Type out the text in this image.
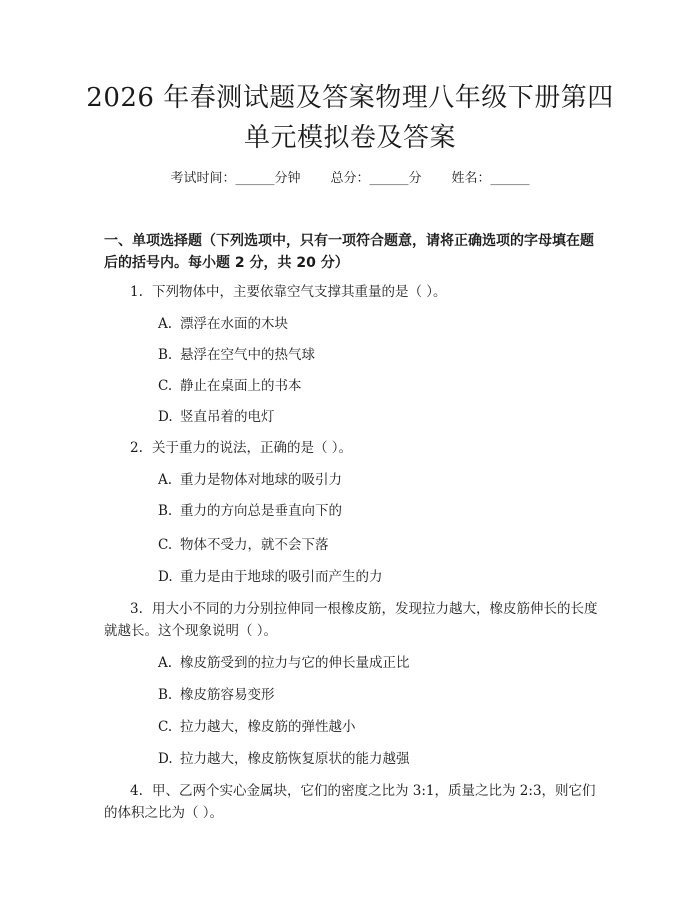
2026 年春测试题及答案物理八年级下册第四
单元模拟卷及答案
考试时间：______分钟 总分：______分 姓名：______
一、单项选择题（下列选项中，只有一项符合题意，请将正确选项的字母填在题后的括号内。每小题 2 分，共 20 分）
1. 下列物体中，主要依靠空气支撑其重量的是（ ）。
A. 漂浮在水面的木块
B. 悬浮在空气中的热气球
C. 静止在桌面上的书本
D. 竖直吊着的电灯
2. 关于重力的说法，正确的是（ ）。
A. 重力是物体对地球的吸引力
B. 重力的方向总是垂直向下的
C. 物体不受力，就不会下落
D. 重力是由于地球的吸引而产生的力
3. 用大小不同的力分别拉伸同一根橡皮筋，发现拉力越大，橡皮筋伸长的长度就越长。这个现象说明（ ）。
A. 橡皮筋受到的拉力与它的伸长量成正比
B. 橡皮筋容易变形
C. 拉力越大，橡皮筋的弹性越小
D. 拉力越大，橡皮筋恢复原状的能力越强
4. 甲、乙两个实心金属块，它们的密度之比为 3:1，质量之比为 2:3，则它们的体积之比为（ ）。
